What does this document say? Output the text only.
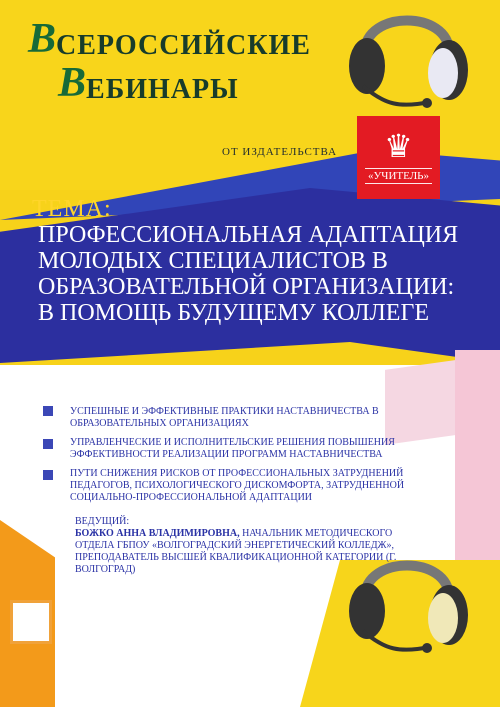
В СЕРОССИЙСКИЕ
В ЕБИНАРЫ
ОТ ИЗДАТЕЛЬСТВА	♛
«УЧИТЕЛЬ»
ТЕМА:
ПРОФЕССИОНАЛЬНАЯ АДАПТАЦИЯ МОЛОДЫХ СПЕЦИАЛИСТОВ В ОБРАЗОВАТЕЛЬНОЙ ОРГАНИЗАЦИИ: В ПОМОЩЬ БУДУЩЕМУ КОЛЛЕГЕ
УСПЕШНЫЕ И ЭФФЕКТИВНЫЕ ПРАКТИКИ НАСТАВНИЧЕСТВА В ОБРАЗОВАТЕЛЬНЫХ ОРГАНИЗАЦИЯХ
УПРАВЛЕНЧЕСКИЕ И ИСПОЛНИТЕЛЬСКИЕ РЕШЕНИЯ ПОВЫШЕНИЯ ЭФФЕКТИВНОСТИ РЕАЛИЗАЦИИ ПРОГРАММ НАСТАВНИЧЕСТВА
ПУТИ СНИЖЕНИЯ РИСКОВ ОТ ПРОФЕССИОНАЛЬНЫХ ЗАТРУДНЕНИЙ ПЕДАГОГОВ, ПСИХОЛОГИЧЕСКОГО ДИСКОМФОРТА, ЗАТРУДНЕННОЙ СОЦИАЛЬНО-ПРОФЕССИОНАЛЬНОЙ АДАПТАЦИИ
ВЕДУЩИЙ:
БОЖКО АННА ВЛАДИМИРОВНА, НАЧАЛЬНИК МЕТОДИЧЕСКОГО ОТДЕЛА ГБПОУ «ВОЛГОГРАДСКИЙ ЭНЕРГЕТИЧЕСКИЙ КОЛЛЕДЖ», ПРЕПОДАВАТЕЛЬ ВЫСШЕЙ КВАЛИФИКАЦИОННОЙ КАТЕГОРИИ (Г. ВОЛГОГРАД)
